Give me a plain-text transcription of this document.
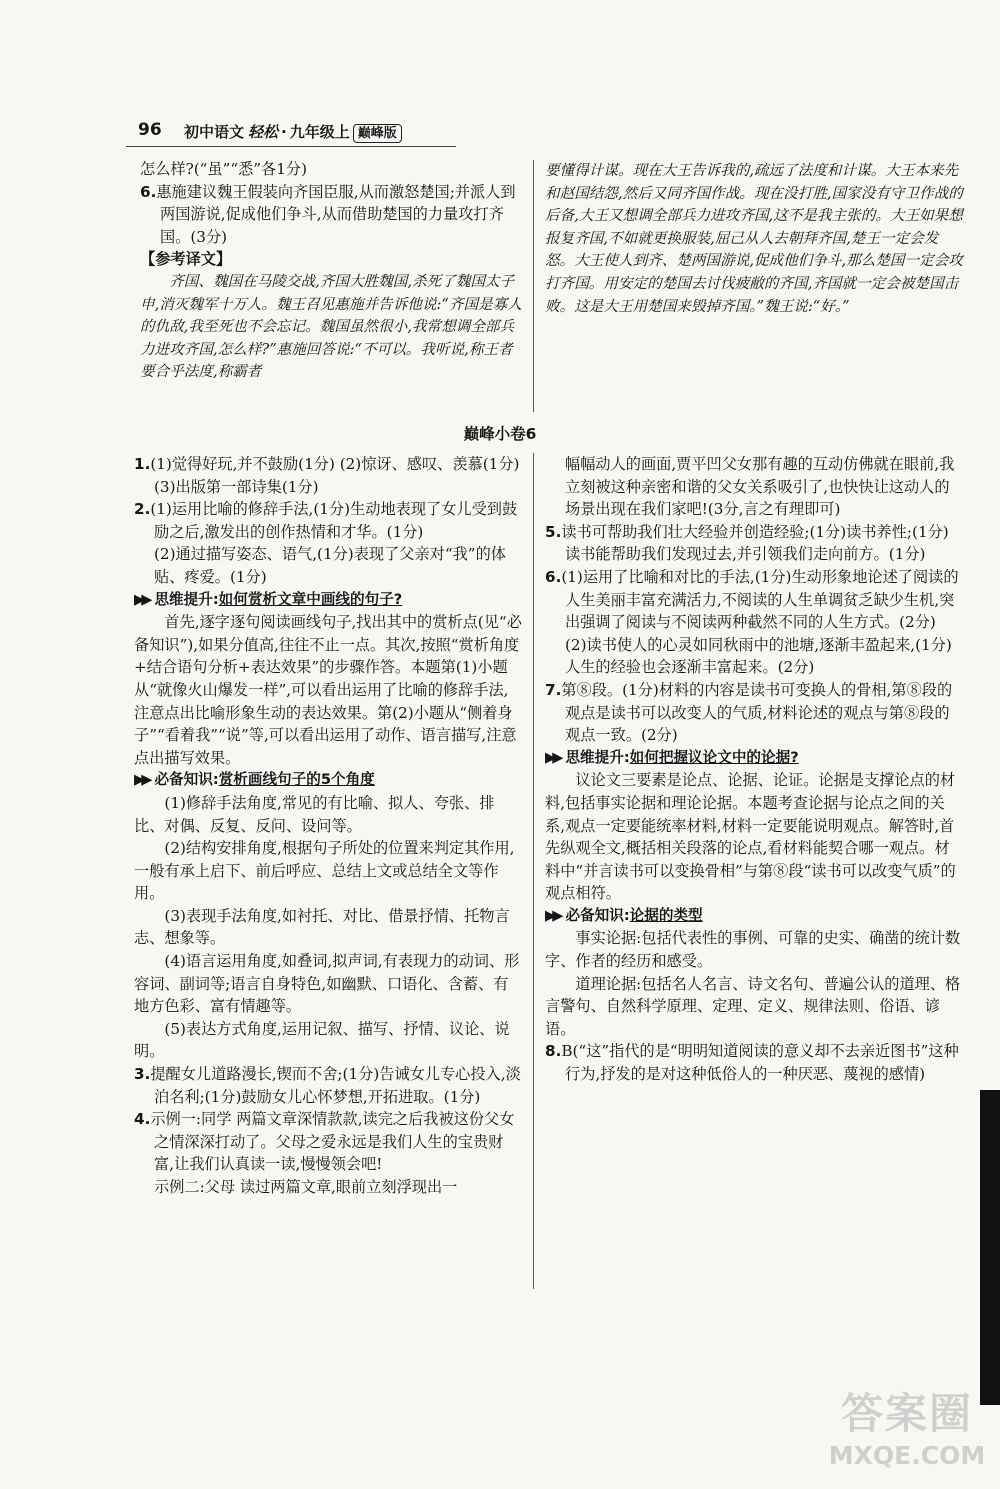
96 初中语文 轻松 · 九年级上 巅峰版

怎么样?(“虽”“悉”各1分)

6.惠施建议魏王假装向齐国臣服,从而激怒楚国;并派人到两国游说,促成他们争斗,从而借助楚国的力量攻打齐国。(3分)

【参考译文】

齐国、魏国在马陵交战,齐国大胜魏国,杀死了魏国太子申,消灭魏军十万人。魏王召见惠施并告诉他说:“齐国是寡人的仇敌,我至死也不会忘记。魏国虽然很小,我常想调全部兵力进攻齐国,怎么样?”惠施回答说:“不可以。我听说,称王者要合乎法度,称霸者

要懂得计谋。现在大王告诉我的,疏远了法度和计谋。大王本来先和赵国结怨,然后又同齐国作战。现在没打胜,国家没有守卫作战的后备,大王又想调全部兵力进攻齐国,这不是我主张的。大王如果想报复齐国,不如就更换服装,屈己从人去朝拜齐国,楚王一定会发怒。大王使人到齐、楚两国游说,促成他们争斗,那么楚国一定会攻打齐国。用安定的楚国去讨伐疲敝的齐国,齐国就一定会被楚国击败。这是大王用楚国来毁掉齐国。”魏王说:“好。”

巅峰小卷6

1.(1)觉得好玩,并不鼓励(1分) (2)惊讶、感叹、羡慕(1分) (3)出版第一部诗集(1分)

2.(1)运用比喻的修辞手法,(1分)生动地表现了女儿受到鼓励之后,激发出的创作热情和才华。(1分)

(2)通过描写姿态、语气,(1分)表现了父亲对“我”的体贴、疼爱。(1分)

▶▶ 思维提升:如何赏析文章中画线的句子?

首先,逐字逐句阅读画线句子,找出其中的赏析点(见“必备知识”),如果分值高,往往不止一点。其次,按照“赏析角度+结合语句分析+表达效果”的步骤作答。本题第(1)小题从“就像火山爆发一样”,可以看出运用了比喻的修辞手法,注意点出比喻形象生动的表达效果。第(2)小题从“侧着身子”“看着我”“说”等,可以看出运用了动作、语言描写,注意点出描写效果。

▶▶ 必备知识:赏析画线句子的5个角度

(1)修辞手法角度,常见的有比喻、拟人、夸张、排比、对偶、反复、反问、设问等。

(2)结构安排角度,根据句子所处的位置来判定其作用,一般有承上启下、前后呼应、总结上文或总结全文等作用。

(3)表现手法角度,如衬托、对比、借景抒情、托物言志、想象等。

(4)语言运用角度,如叠词,拟声词,有表现力的动词、形容词、副词等;语言自身特色,如幽默、口语化、含蓄、有地方色彩、富有情趣等。

(5)表达方式角度,运用记叙、描写、抒情、议论、说明。

3.提醒女儿道路漫长,锲而不舍;(1分)告诫女儿专心投入,淡泊名利;(1分)鼓励女儿心怀梦想,开拓进取。(1分)

4.示例一:同学 两篇文章深情款款,读完之后我被这份父女之情深深打动了。父母之爱永远是我们人生的宝贵财富,让我们认真读一读,慢慢领会吧!

示例二:父母 读过两篇文章,眼前立刻浮现出一

幅幅动人的画面,贾平凹父女那有趣的互动仿佛就在眼前,我立刻被这种亲密和谐的父女关系吸引了,也快快让这动人的场景出现在我们家吧!(3分,言之有理即可)

5.读书可帮助我们壮大经验并创造经验;(1分)读书养性;(1分)读书能帮助我们发现过去,并引领我们走向前方。(1分)

6.(1)运用了比喻和对比的手法,(1分)生动形象地论述了阅读的人生美丽丰富充满活力,不阅读的人生单调贫乏缺少生机,突出强调了阅读与不阅读两种截然不同的人生方式。(2分)

(2)读书使人的心灵如同秋雨中的池塘,逐渐丰盈起来,(1分)人生的经验也会逐渐丰富起来。(2分)

7.第⑧段。(1分)材料的内容是读书可变换人的骨相,第⑧段的观点是读书可以改变人的气质,材料论述的观点与第⑧段的观点一致。(2分)

▶▶ 思维提升:如何把握议论文中的论据?

议论文三要素是论点、论据、论证。论据是支撑论点的材料,包括事实论据和理论论据。本题考查论据与论点之间的关系,观点一定要能统率材料,材料一定要能说明观点。解答时,首先纵观全文,概括相关段落的论点,看材料能契合哪一观点。材料中“并言读书可以变换骨相”与第⑧段“读书可以改变气质”的观点相符。

▶▶ 必备知识:论据的类型

事实论据:包括代表性的事例、可靠的史实、确凿的统计数字、作者的经历和感受。

道理论据:包括名人名言、诗文名句、普遍公认的道理、格言警句、自然科学原理、定理、定义、规律法则、俗语、谚语。

8.B(“这”指代的是“明明知道阅读的意义却不去亲近图书”这种行为,抒发的是对这种低俗人的一种厌恶、蔑视的感情)

答案圈
MXQE.COM
